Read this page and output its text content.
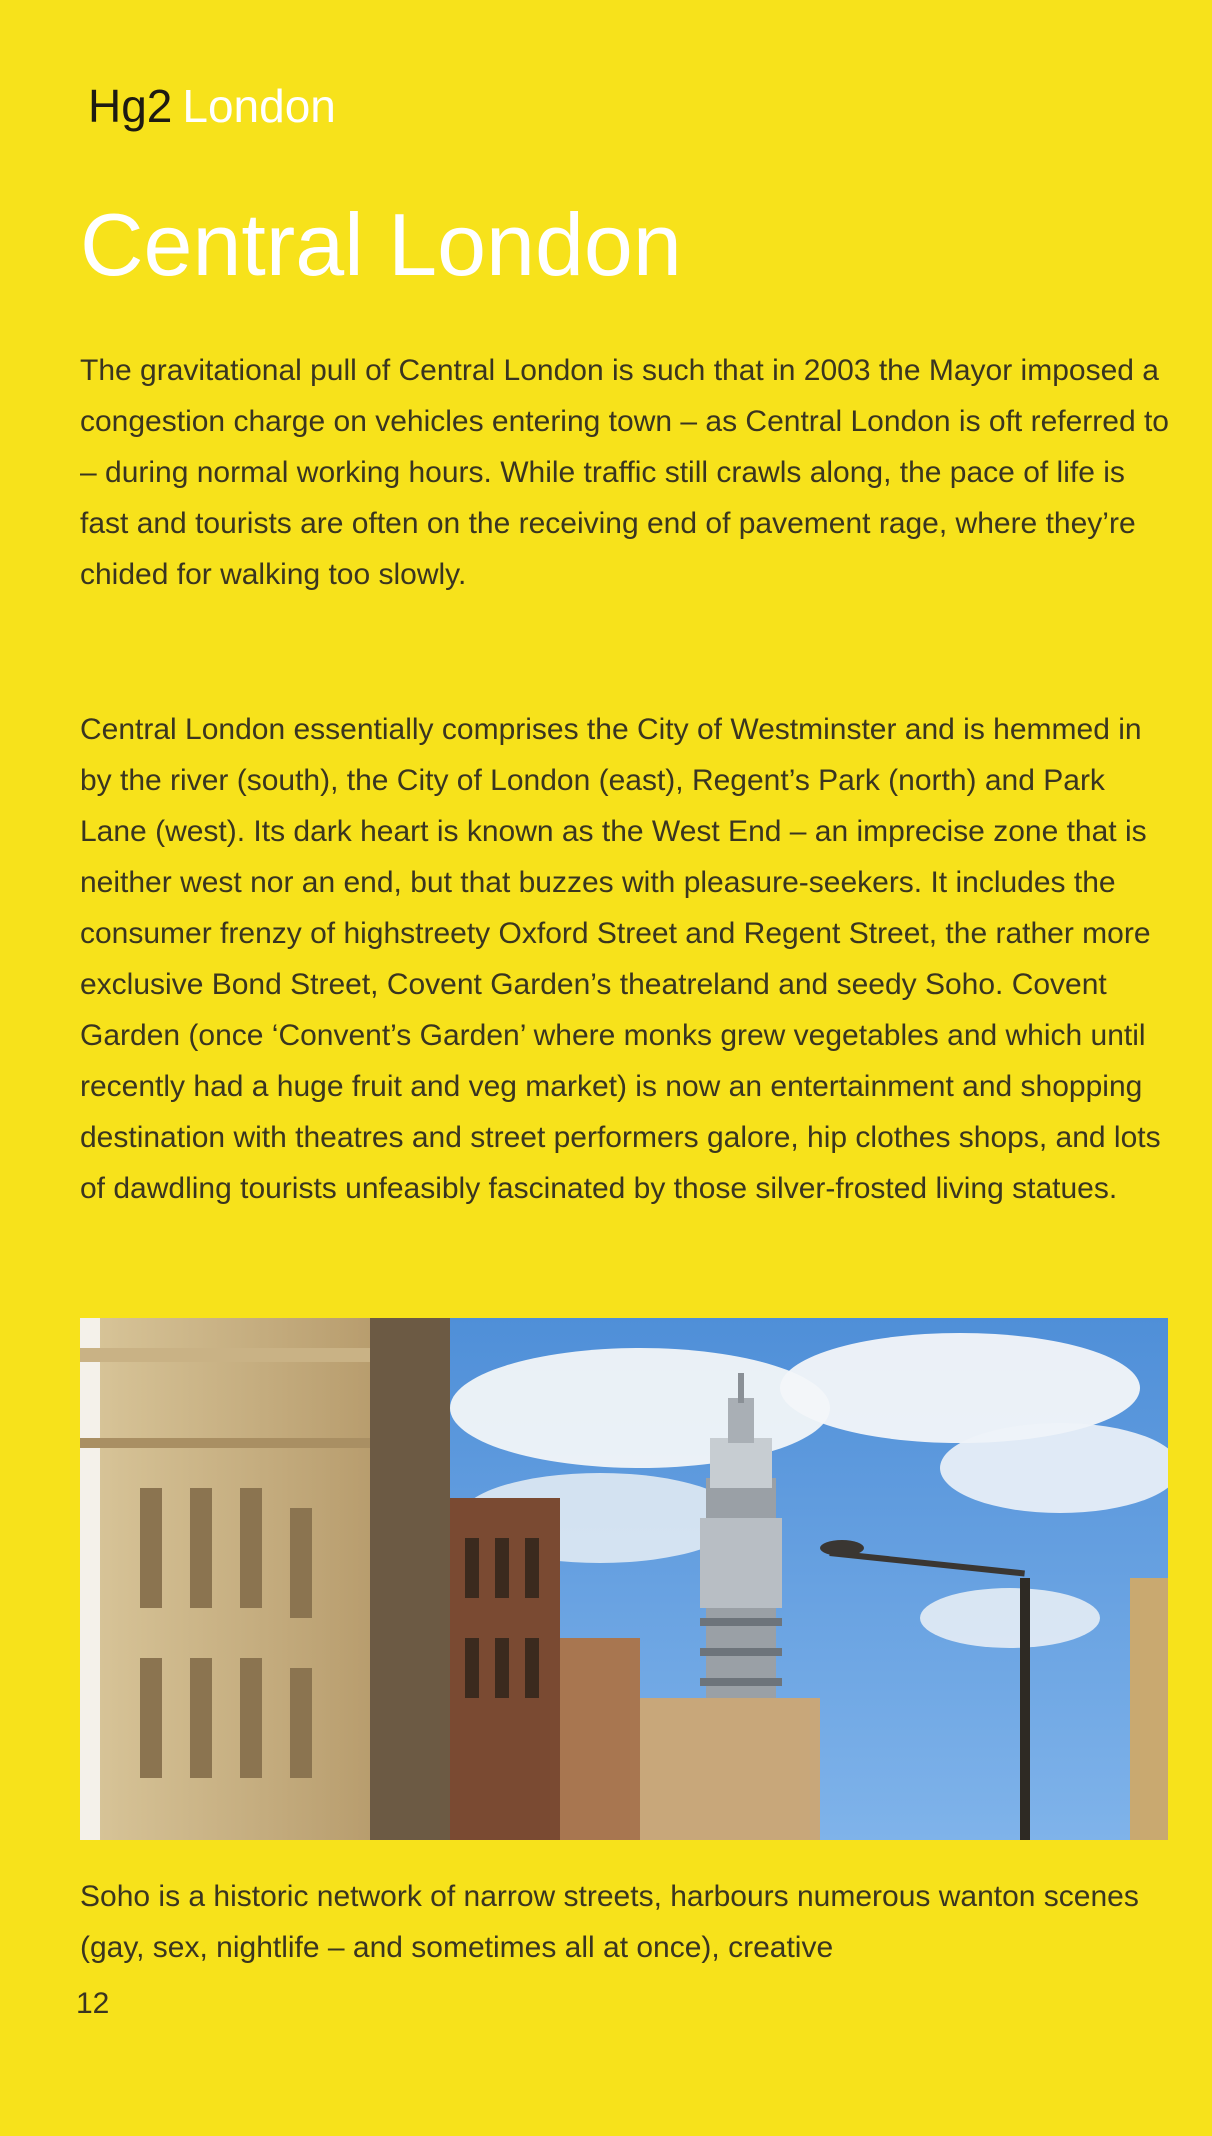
Hg2 London
Central London

The gravitational pull of Central London is such that in 2003 the Mayor imposed a congestion charge on vehicles entering town – as Central London is oft referred to – during normal working hours. While traffic still crawls along, the pace of life is fast and tourists are often on the receiving end of pavement rage, where they’re chided for walking too slowly.

Central London essentially comprises the City of Westminster and is hemmed in by the river (south), the City of London (east), Regent’s Park (north) and Park Lane (west). Its dark heart is known as the West End – an imprecise zone that is neither west nor an end, but that buzzes with pleasure-seekers. It includes the consumer frenzy of highstreety Oxford Street and Regent Street, the rather more exclusive Bond Street, Covent Garden’s theatreland and seedy Soho. Covent Garden (once ‘Convent’s Garden’ where monks grew vegetables and which until recently had a huge fruit and veg market) is now an entertainment and shopping destination with theatres and street performers galore, hip clothes shops, and lots of dawdling tourists unfeasibly fascinated by those silver-frosted living statues.

Soho is a historic network of narrow streets, harbours numerous wanton scenes (gay, sex, nightlife – and sometimes all at once), creative

12
